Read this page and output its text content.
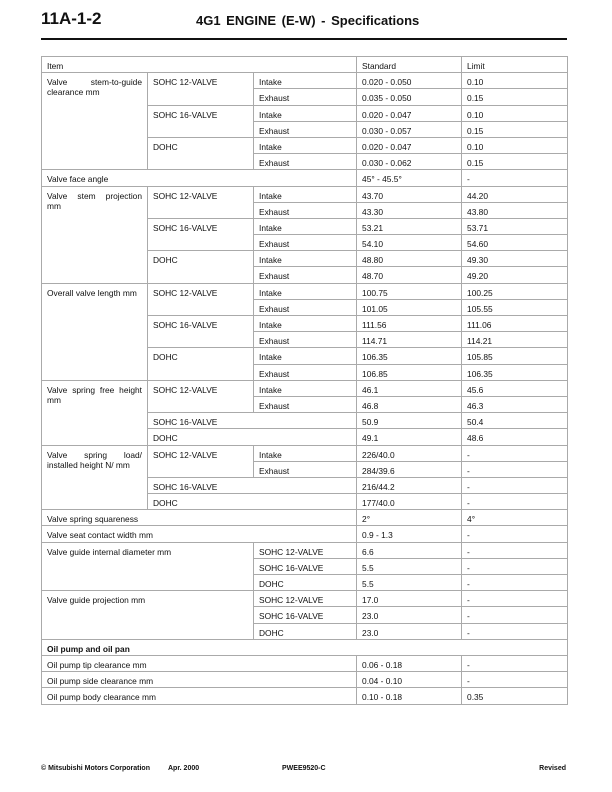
11A-1-2	4G1 ENGINE (E-W) - Specifications
Item			Standard	Limit
Valve stem-to-guide clearance mm	SOHC 12-VALVE	Intake	0.020 - 0.050	0.10
		Exhaust	0.035 - 0.050	0.15
	SOHC 16-VALVE	Intake	0.020 - 0.047	0.10
		Exhaust	0.030 - 0.057	0.15
	DOHC	Intake	0.020 - 0.047	0.10
		Exhaust	0.030 - 0.062	0.15
Valve face angle			45° - 45.5°	-
Valve stem projection mm	SOHC 12-VALVE	Intake	43.70	44.20
		Exhaust	43.30	43.80
	SOHC 16-VALVE	Intake	53.21	53.71
		Exhaust	54.10	54.60
	DOHC	Intake	48.80	49.30
		Exhaust	48.70	49.20
Overall valve length mm	SOHC 12-VALVE	Intake	100.75	100.25
		Exhaust	101.05	105.55
	SOHC 16-VALVE	Intake	111.56	111.06
		Exhaust	114.71	114.21
	DOHC	Intake	106.35	105.85
		Exhaust	106.85	106.35
Valve spring free height mm	SOHC 12-VALVE	Intake	46.1	45.6
		Exhaust	46.8	46.3
	SOHC 16-VALVE		50.9	50.4
	DOHC		49.1	48.6
Valve spring load/ installed height N/ mm	SOHC 12-VALVE	Intake	226/40.0	-
		Exhaust	284/39.6	-
	SOHC 16-VALVE		216/44.2	-
	DOHC		177/40.0	-
Valve spring squareness			2°	4°
Valve seat contact width mm			0.9 - 1.3	-
Valve guide internal diameter mm		SOHC 12-VALVE	6.6	-
		SOHC 16-VALVE	5.5	-
		DOHC	5.5	-
Valve guide projection mm		SOHC 12-VALVE	17.0	-
		SOHC 16-VALVE	23.0	-
		DOHC	23.0	-
Oil pump and oil pan				
Oil pump tip clearance mm			0.06 - 0.18	-
Oil pump side clearance mm			0.04 - 0.10	-
Oil pump body clearance mm			0.10 - 0.18	0.35
© Mitsubishi Motors Corporation	Apr. 2000	PWEE9520-C	Revised
